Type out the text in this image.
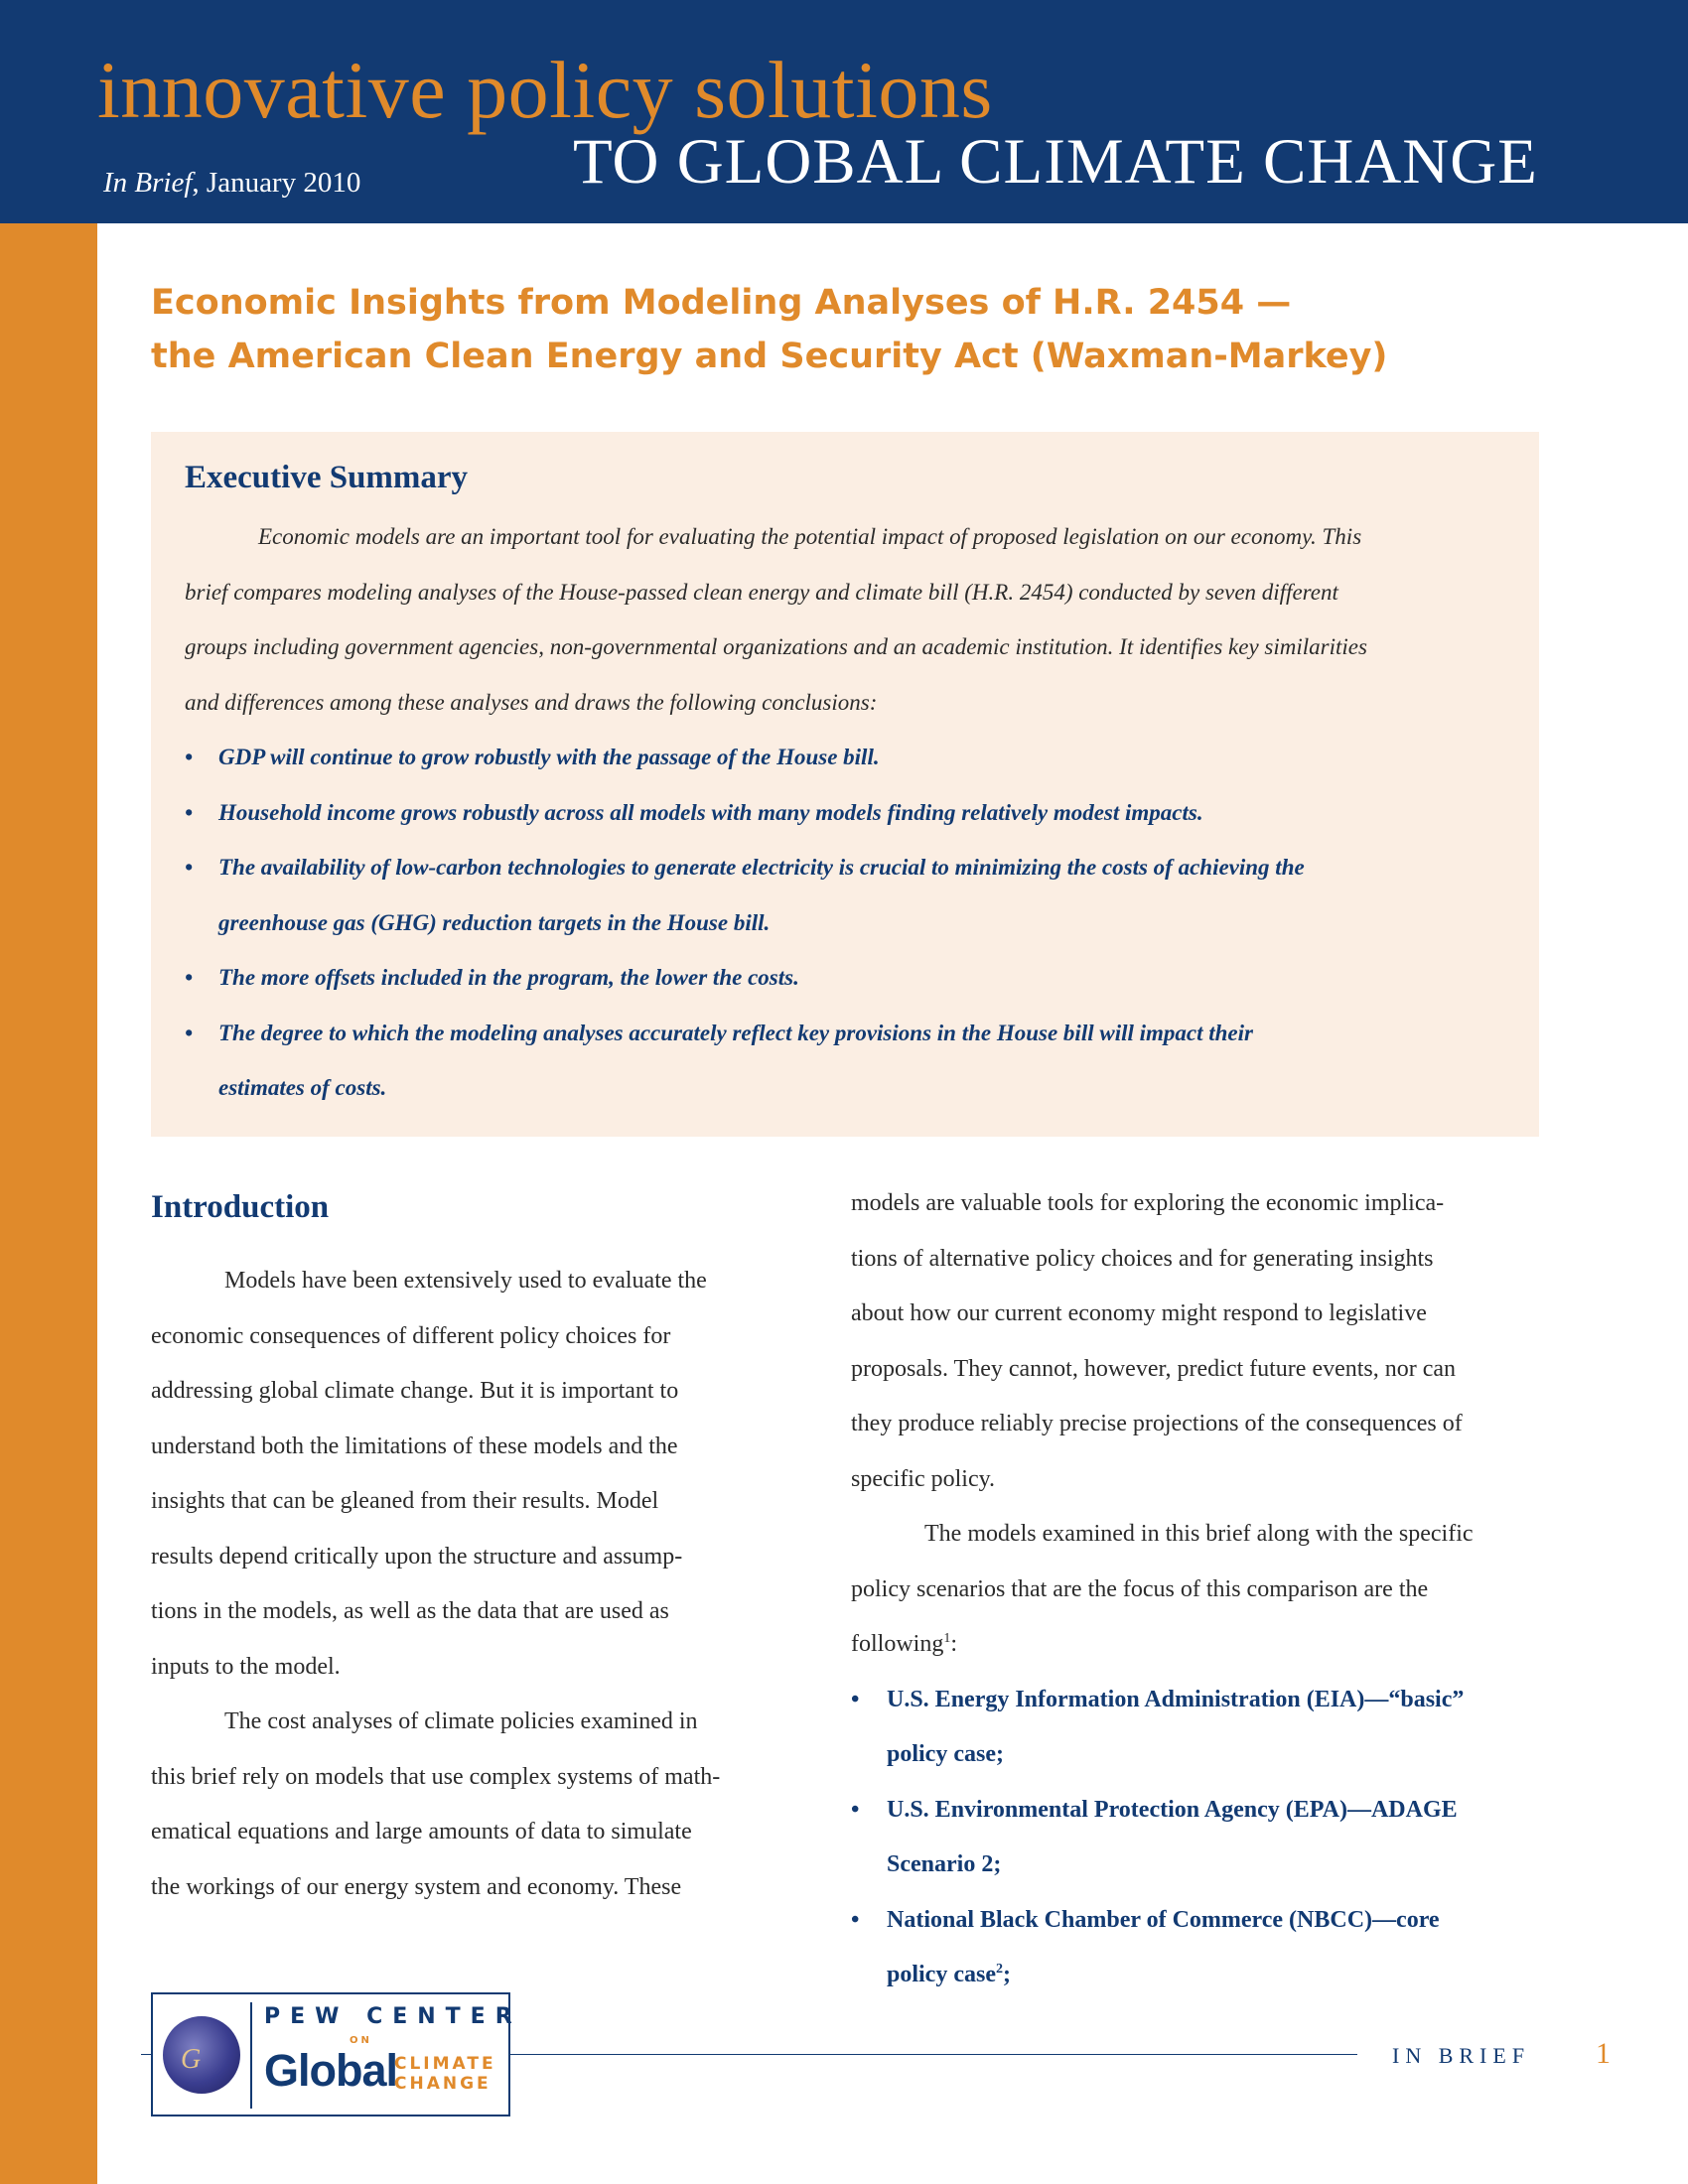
innovative policy solutions
TO GLOBAL CLIMATE CHANGE
In Brief, January 2010
Economic Insights from Modeling Analyses of H.R. 2454 —
the American Clean Energy and Security Act (Waxman-Markey)
Executive Summary
Economic models are an important tool for evaluating the potential impact of proposed legislation on our economy. This
brief compares modeling analyses of the House-passed clean energy and climate bill (H.R. 2454) conducted by seven different
groups including government agencies, non-governmental organizations and an academic institution. It identifies key similarities
and differences among these analyses and draws the following conclusions:
• GDP will continue to grow robustly with the passage of the House bill.
• Household income grows robustly across all models with many models finding relatively modest impacts.
• The availability of low-carbon technologies to generate electricity is crucial to minimizing the costs of achieving the
greenhouse gas (GHG) reduction targets in the House bill.
• The more offsets included in the program, the lower the costs.
• The degree to which the modeling analyses accurately reflect key provisions in the House bill will impact their
estimates of costs.
Introduction
Models have been extensively used to evaluate the
economic consequences of different policy choices for
addressing global climate change. But it is important to
understand both the limitations of these models and the
insights that can be gleaned from their results. Model
results depend critically upon the structure and assump-
tions in the models, as well as the data that are used as
inputs to the model.
The cost analyses of climate policies examined in
this brief rely on models that use complex systems of math-
ematical equations and large amounts of data to simulate
the workings of our energy system and economy. These
models are valuable tools for exploring the economic implica-
tions of alternative policy choices and for generating insights
about how our current economy might respond to legislative
proposals. They cannot, however, predict future events, nor can
they produce reliably precise projections of the consequences of
specific policy.
The models examined in this brief along with the specific
policy scenarios that are the focus of this comparison are the
following$^1$:
• U.S. Energy Information Administration (EIA)—“basic”
policy case;
• U.S. Environmental Protection Agency (EPA)—ADAGE
Scenario 2;
• National Black Chamber of Commerce (NBCC)—core
policy case$^2$;
G
PEW CENTER
ON
Global
CLIMATE
CHANGE
IN BRIEF 1
